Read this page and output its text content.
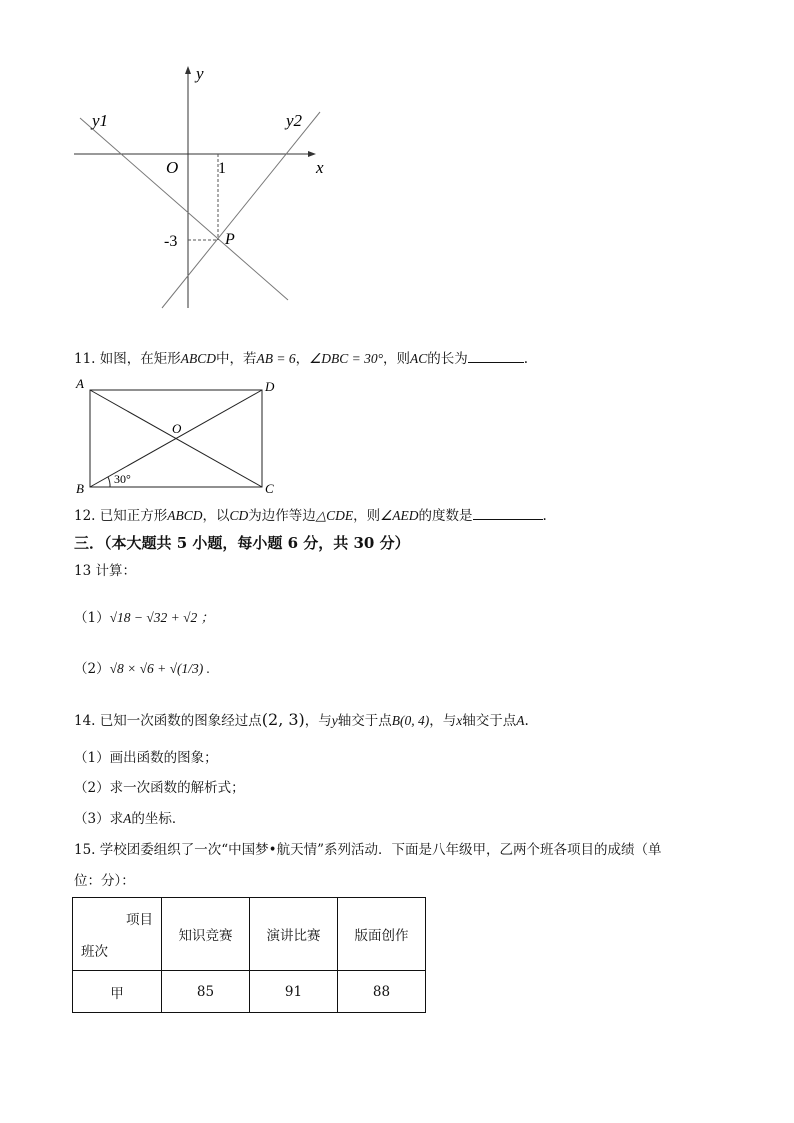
y
x
O
y1	y2
1
-3	P
11. 如图，在矩形ABCD中，若AB = 6，∠DBC = 30°，则AC的长为	.
A	D
B	C
O
30°
12. 已知正方形ABCD，以CD为边作等边△CDE，则∠AED的度数是	.
三．（本大题共 5 小题，每小题 6 分，共 30 分）
13 计算：
（1）√18 − √32 + √2 ；
（2）√8 × √6 + √(1/3) .
14. 已知一次函数的图象经过点(2, 3)，与y轴交于点B(0, 4)，与x轴交于点A.
（1）画出函数的图象；
（2）求一次函数的解析式；
（3）求A的坐标．
15. 学校团委组织了一次“中国梦•航天情”系列活动．下面是八年级甲，乙两个班各项目的成绩（单
位：分）：
项目
班次	知识竞赛	演讲比赛	版面创作
甲	85	91	88
